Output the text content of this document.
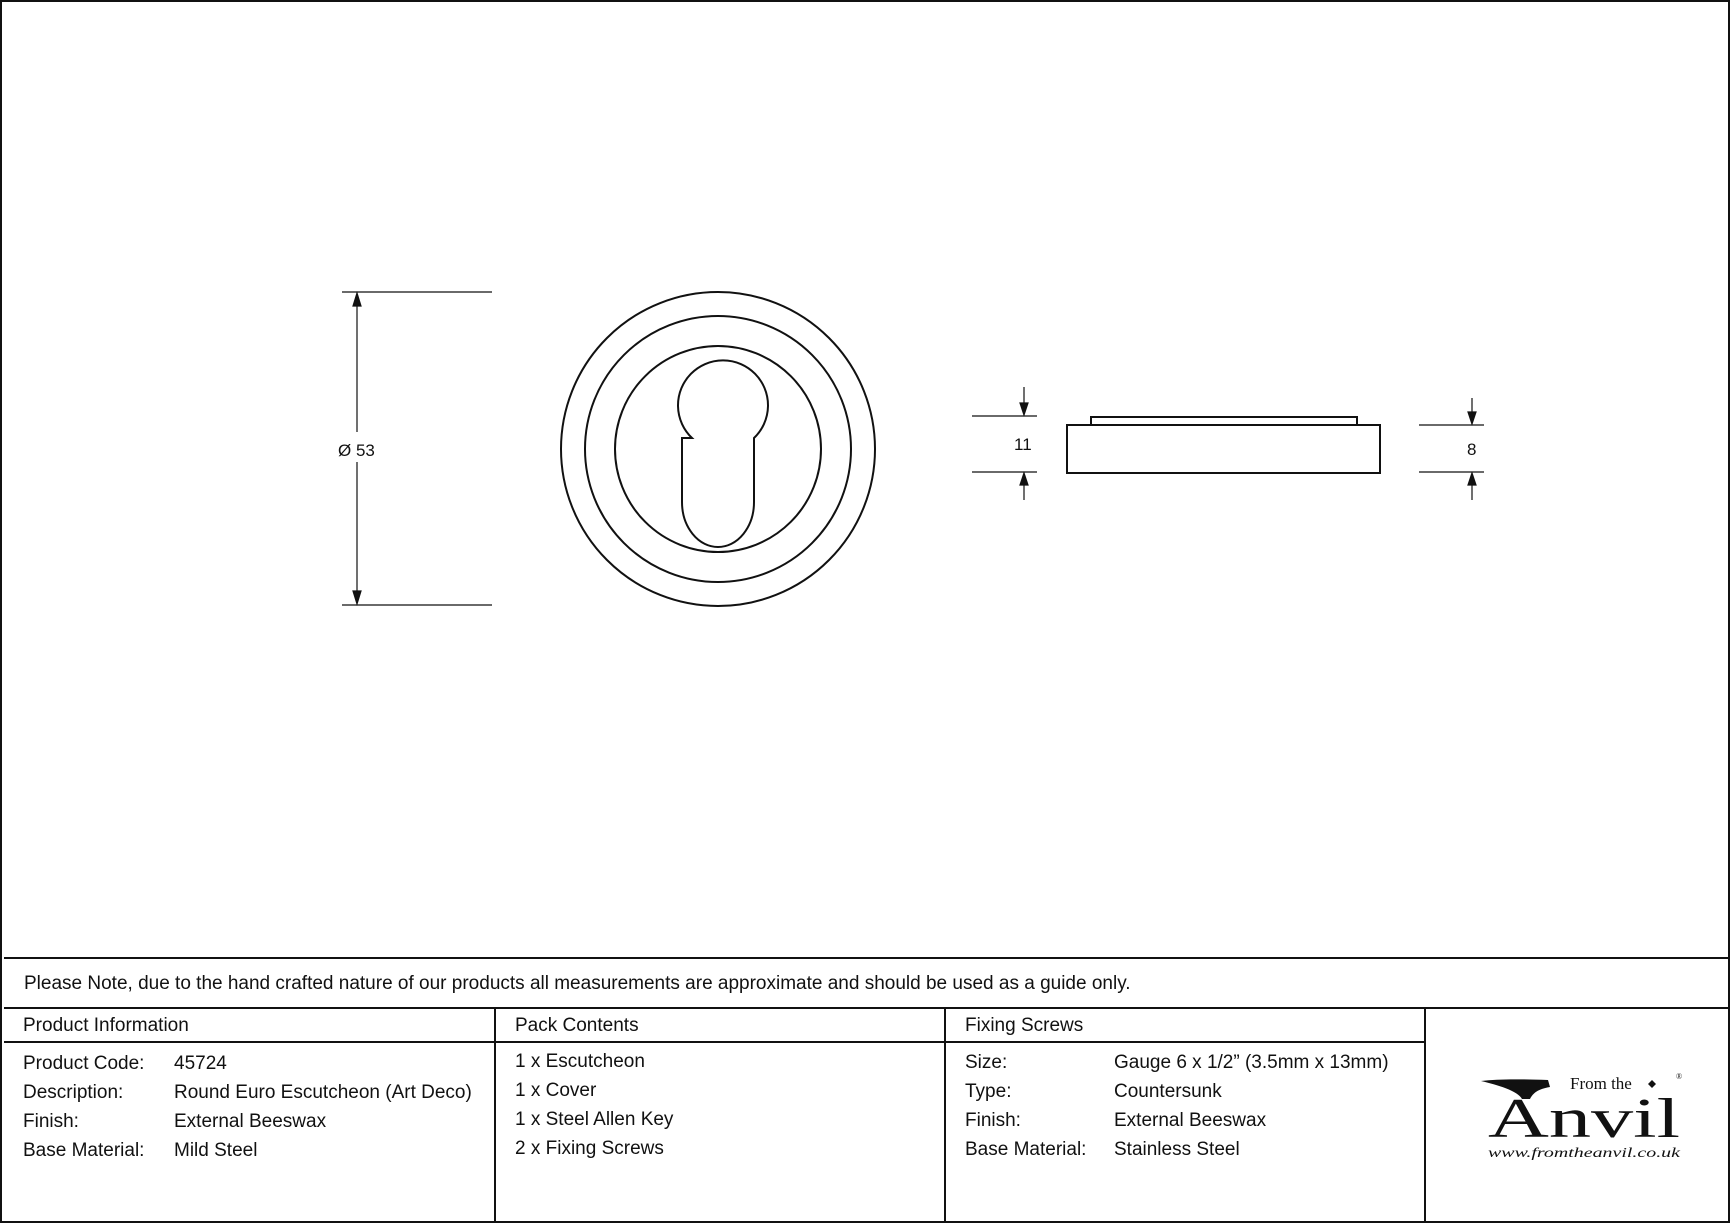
Ø 53	11	8
Please Note, due to the hand crafted nature of our products all measurements are approximate and should be used as a guide only.
Product Information
Product Code: 45724
Description:	Round Euro Escutcheon (Art Deco)
Finish:	External Beeswax
Base Material: Mild Steel
Pack Contents
1 x Escutcheon
1 x Cover
1 x Steel Allen Key
2 x Fixing Screws
Fixing Screws
Size:	Gauge 6 x 1/2” (3.5mm x 13mm)
Type:	Countersunk
Finish:	External Beeswax
Base Material: Stainless Steel
From the	®
Anvil
www.fromtheanvil.co.uk
